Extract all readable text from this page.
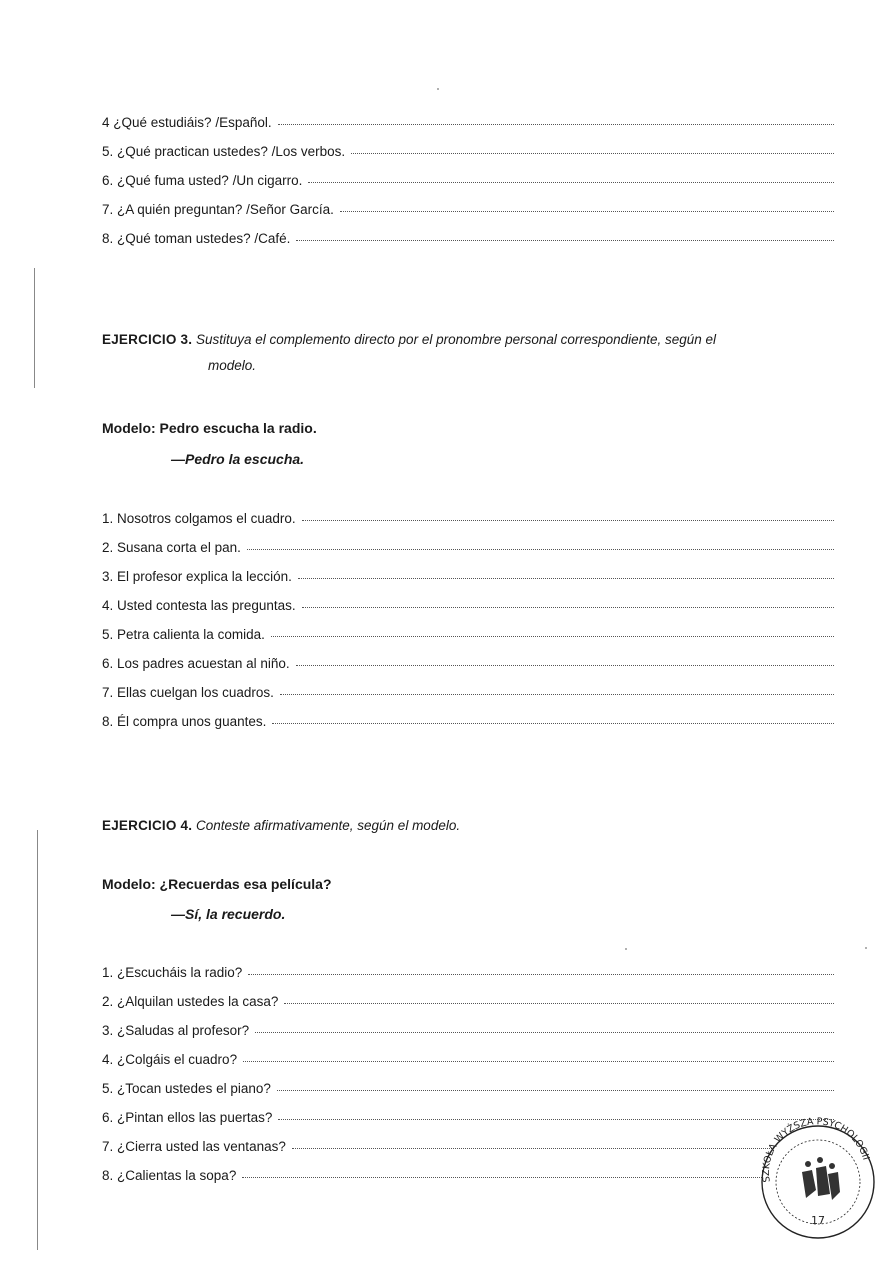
4 ¿Qué estudiáis? /Español.
5. ¿Qué practican ustedes? /Los verbos.
6. ¿Qué fuma usted? /Un cigarro.
7. ¿A quién preguntan? /Señor García.
8. ¿Qué toman ustedes? /Café.
EJERCICIO 3. Sustituya el complemento directo por el pronombre personal correspondiente, según el
modelo.
Modelo: Pedro escucha la radio.
—Pedro la escucha.
1. Nosotros colgamos el cuadro.
2. Susana corta el pan.
3. El profesor explica la lección.
4. Usted contesta las preguntas.
5. Petra calienta la comida.
6. Los padres acuestan al niño.
7. Ellas cuelgan los cuadros.
8. Él compra unos guantes.
EJERCICIO 4. Conteste afirmativamente, según el modelo.
Modelo: ¿Recuerdas esa película?
—Sí, la recuerdo.
1. ¿Escucháis la radio?
2. ¿Alquilan ustedes la casa?
3. ¿Saludas al profesor?
4. ¿Colgáis el cuadro?
5. ¿Tocan ustedes el piano?
6. ¿Pintan ellos las puertas?
7. ¿Cierra usted las ventanas?
8. ¿Calientas la sopa?	SZKOŁA WYŻSZA PSYCHOLOGII
17
